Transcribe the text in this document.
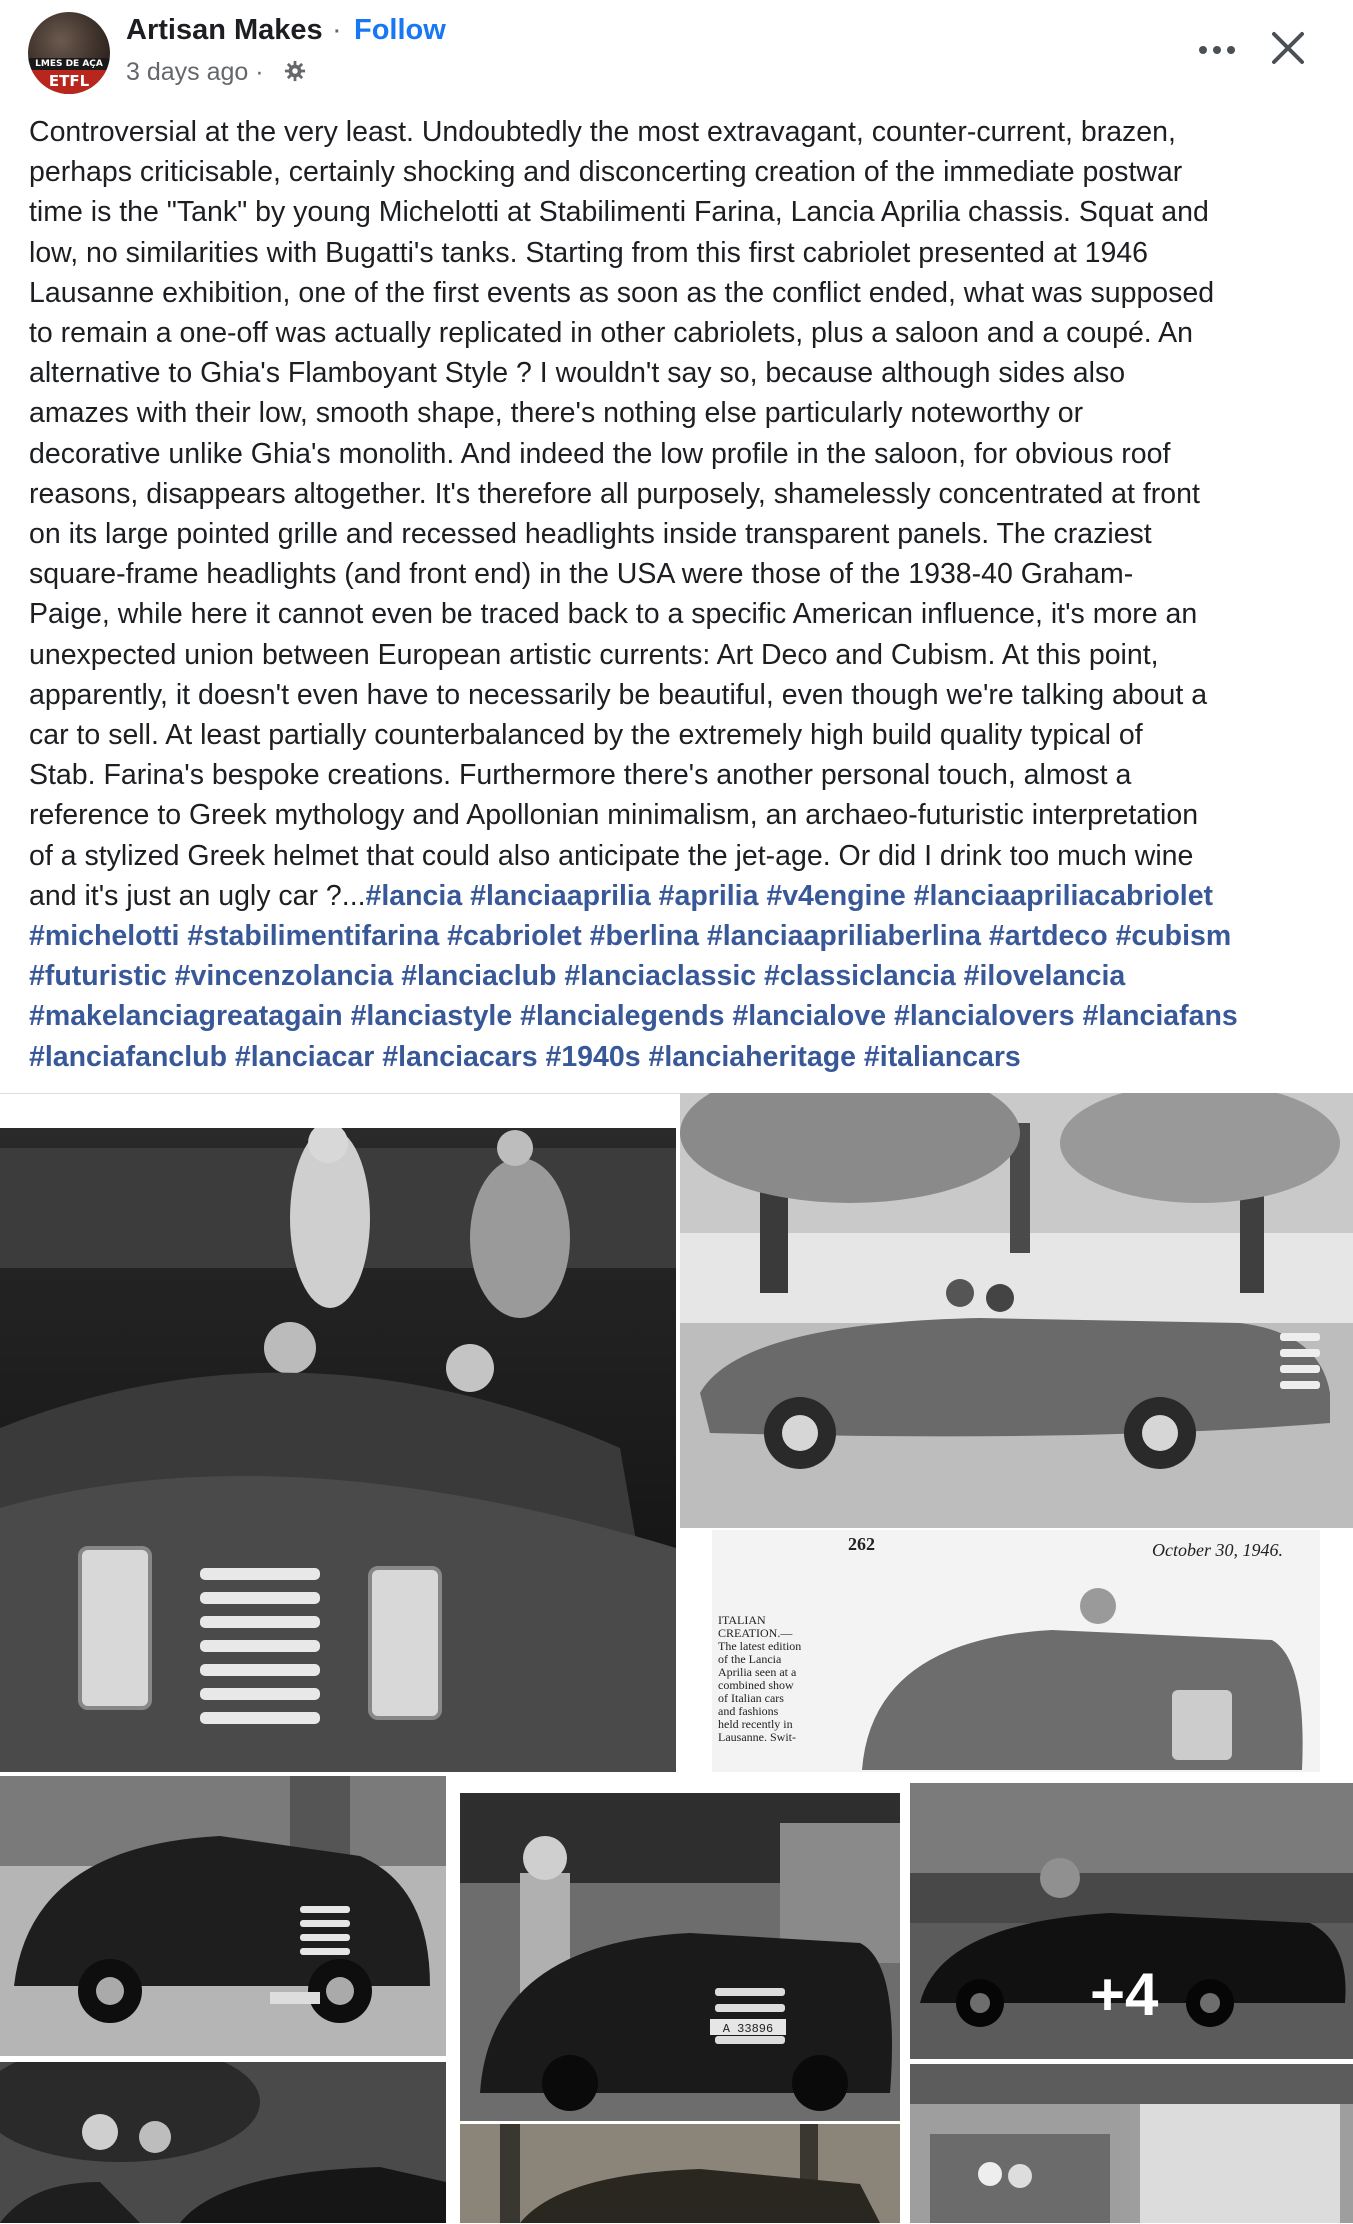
LMES DE AÇA
ETFL
Artisan Makes · Follow
3 days ago ·

Controversial at the very least. Undoubtedly the most extravagant, counter-current, brazen,
perhaps criticisable, certainly shocking and disconcerting creation of the immediate postwar
time is the "Tank" by young Michelotti at Stabilimenti Farina, Lancia Aprilia chassis. Squat and
low, no similarities with Bugatti's tanks. Starting from this first cabriolet presented at 1946
Lausanne exhibition, one of the first events as soon as the conflict ended, what was supposed
to remain a one-off was actually replicated in other cabriolets, plus a saloon and a coupé. An
alternative to Ghia's Flamboyant Style ? I wouldn't say so, because although sides also
amazes with their low, smooth shape, there's nothing else particularly noteworthy or
decorative unlike Ghia's monolith. And indeed the low profile in the saloon, for obvious roof
reasons, disappears altogether. It's therefore all purposely, shamelessly concentrated at front
on its large pointed grille and recessed headlights inside transparent panels. The craziest
square-frame headlights (and front end) in the USA were those of the 1938-40 Graham-
Paige, while here it cannot even be traced back to a specific American influence, it's more an
unexpected union between European artistic currents: Art Deco and Cubism. At this point,
apparently, it doesn't even have to necessarily be beautiful, even though we're talking about a
car to sell. At least partially counterbalanced by the extremely high build quality typical of
Stab. Farina's bespoke creations. Furthermore there's another personal touch, almost a
reference to Greek mythology and Apollonian minimalism, an archaeo-futuristic interpretation
of a stylized Greek helmet that could also anticipate the jet-age. Or did I drink too much wine
and it's just an ugly car ?...#lancia #lanciaaprilia #aprilia #v4engine #lanciaapriliacabriolet
#michelotti #stabilimentifarina #cabriolet #berlina #lanciaapriliaberlina #artdeco #cubism
#futuristic #vincenzolancia #lanciaclub #lanciaclassic #classiclancia #ilovelancia
#makelanciagreatagain #lanciastyle #lancialegends #lancialove #lancialovers #lanciafans
#lanciafanclub #lanciacar #lanciacars #1940s #lanciaheritage #italiancars

262	October 30, 1946.
ITALIAN
CREATION.—
The latest edition
of the Lancia
Aprilia seen at a
combined show
of Italian cars
and fashions
held recently in
Lausanne. Swit-
A 33896
+4
